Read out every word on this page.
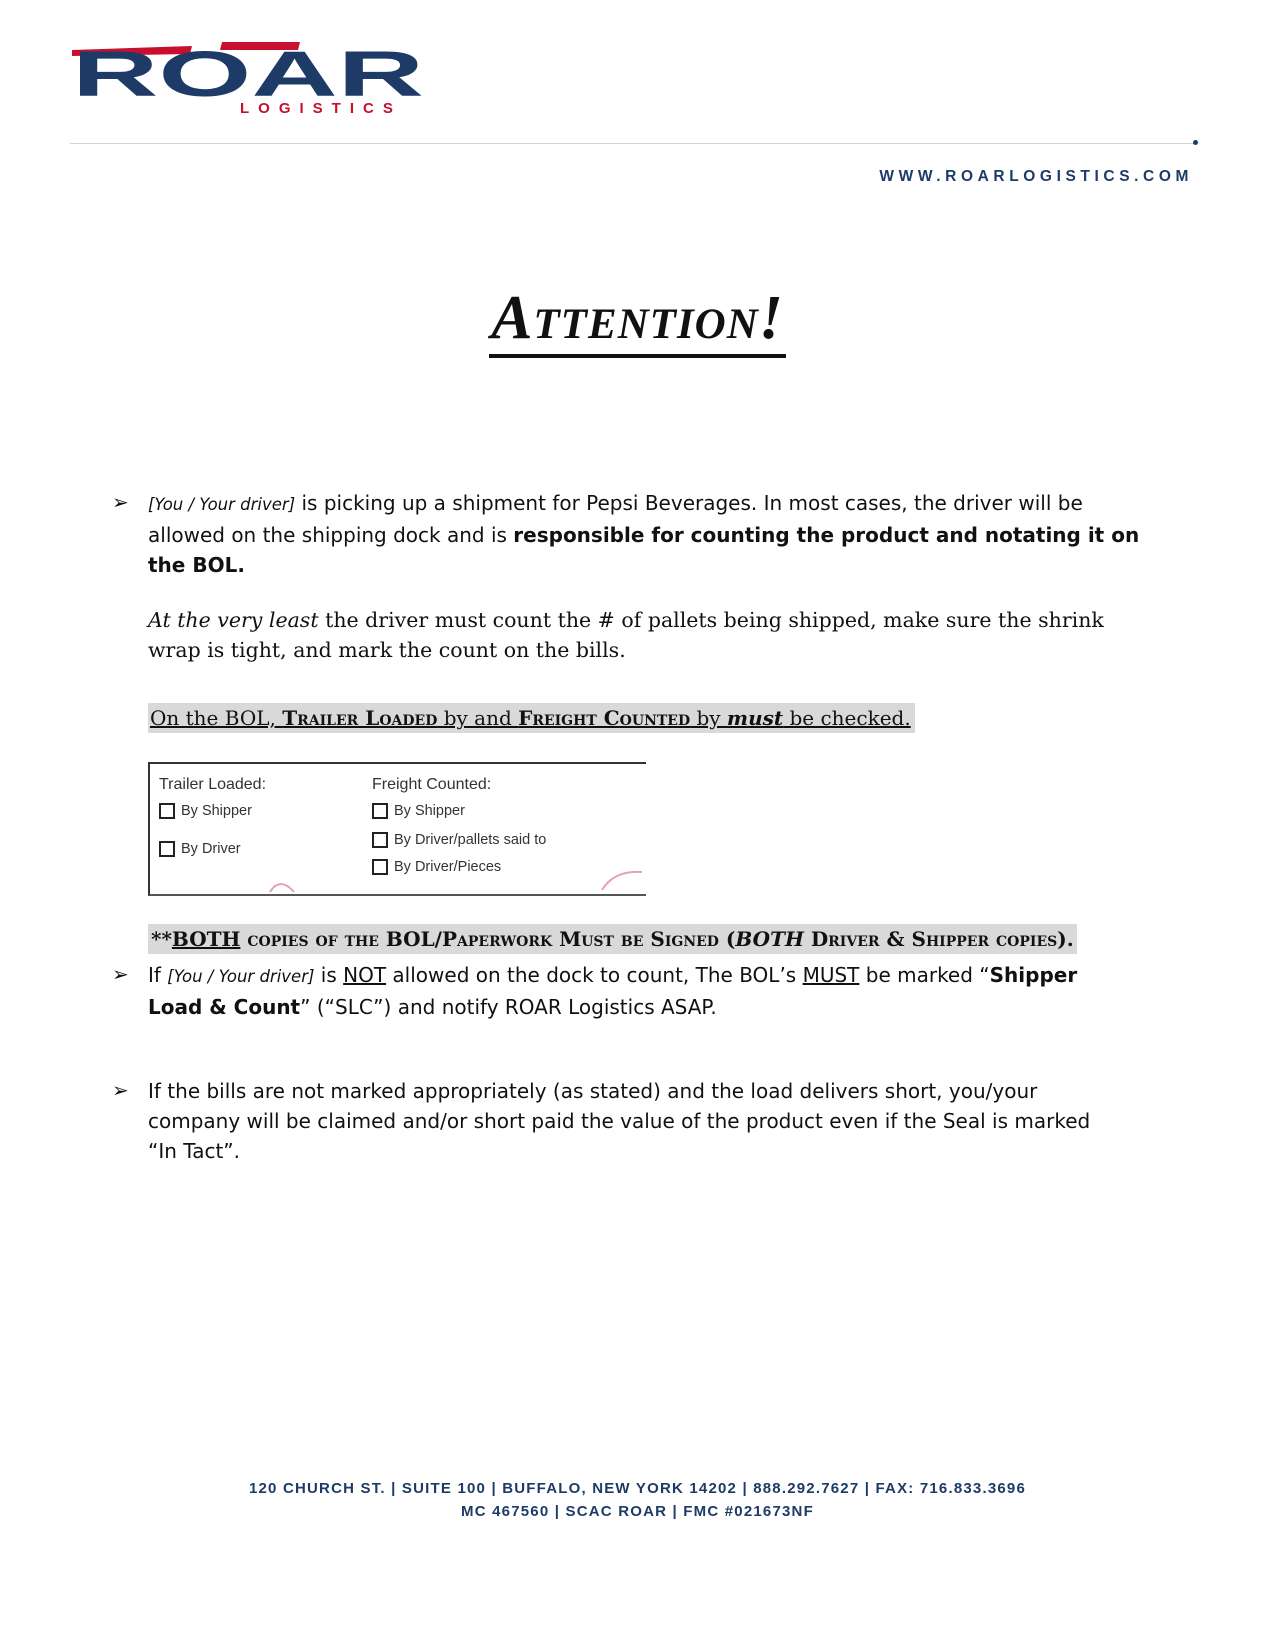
ROAR
LOGISTICS
WWW.ROARLOGISTICS.COM
Attention!
➢ [You / Your driver] is picking up a shipment for Pepsi Beverages. In most cases, the driver will be
allowed on the shipping dock and is responsible for counting the product and notating it on
the BOL.
At the very least the driver must count the # of pallets being shipped, make sure the shrink
wrap is tight, and mark the count on the bills.
On the BOL, Trailer Loaded by and Freight Counted by must be checked.
Trailer Loaded:
By Shipper
By Driver
Freight Counted:
By Shipper
By Driver/pallets said to
By Driver/Pieces
**BOTH copies of the BOL/Paperwork Must be Signed (BOTH Driver & Shipper copies).
➢ If [You / Your driver] is NOT allowed on the dock to count, The BOL’s MUST be marked “Shipper
Load & Count” (“SLC”) and notify ROAR Logistics ASAP.
➢ If the bills are not marked appropriately (as stated) and the load delivers short, you/your
company will be claimed and/or short paid the value of the product even if the Seal is marked
“In Tact”.
120 CHURCH ST. | SUITE 100 | BUFFALO, NEW YORK 14202 | 888.292.7627 | FAX: 716.833.3696
MC 467560 | SCAC ROAR | FMC #021673NF
